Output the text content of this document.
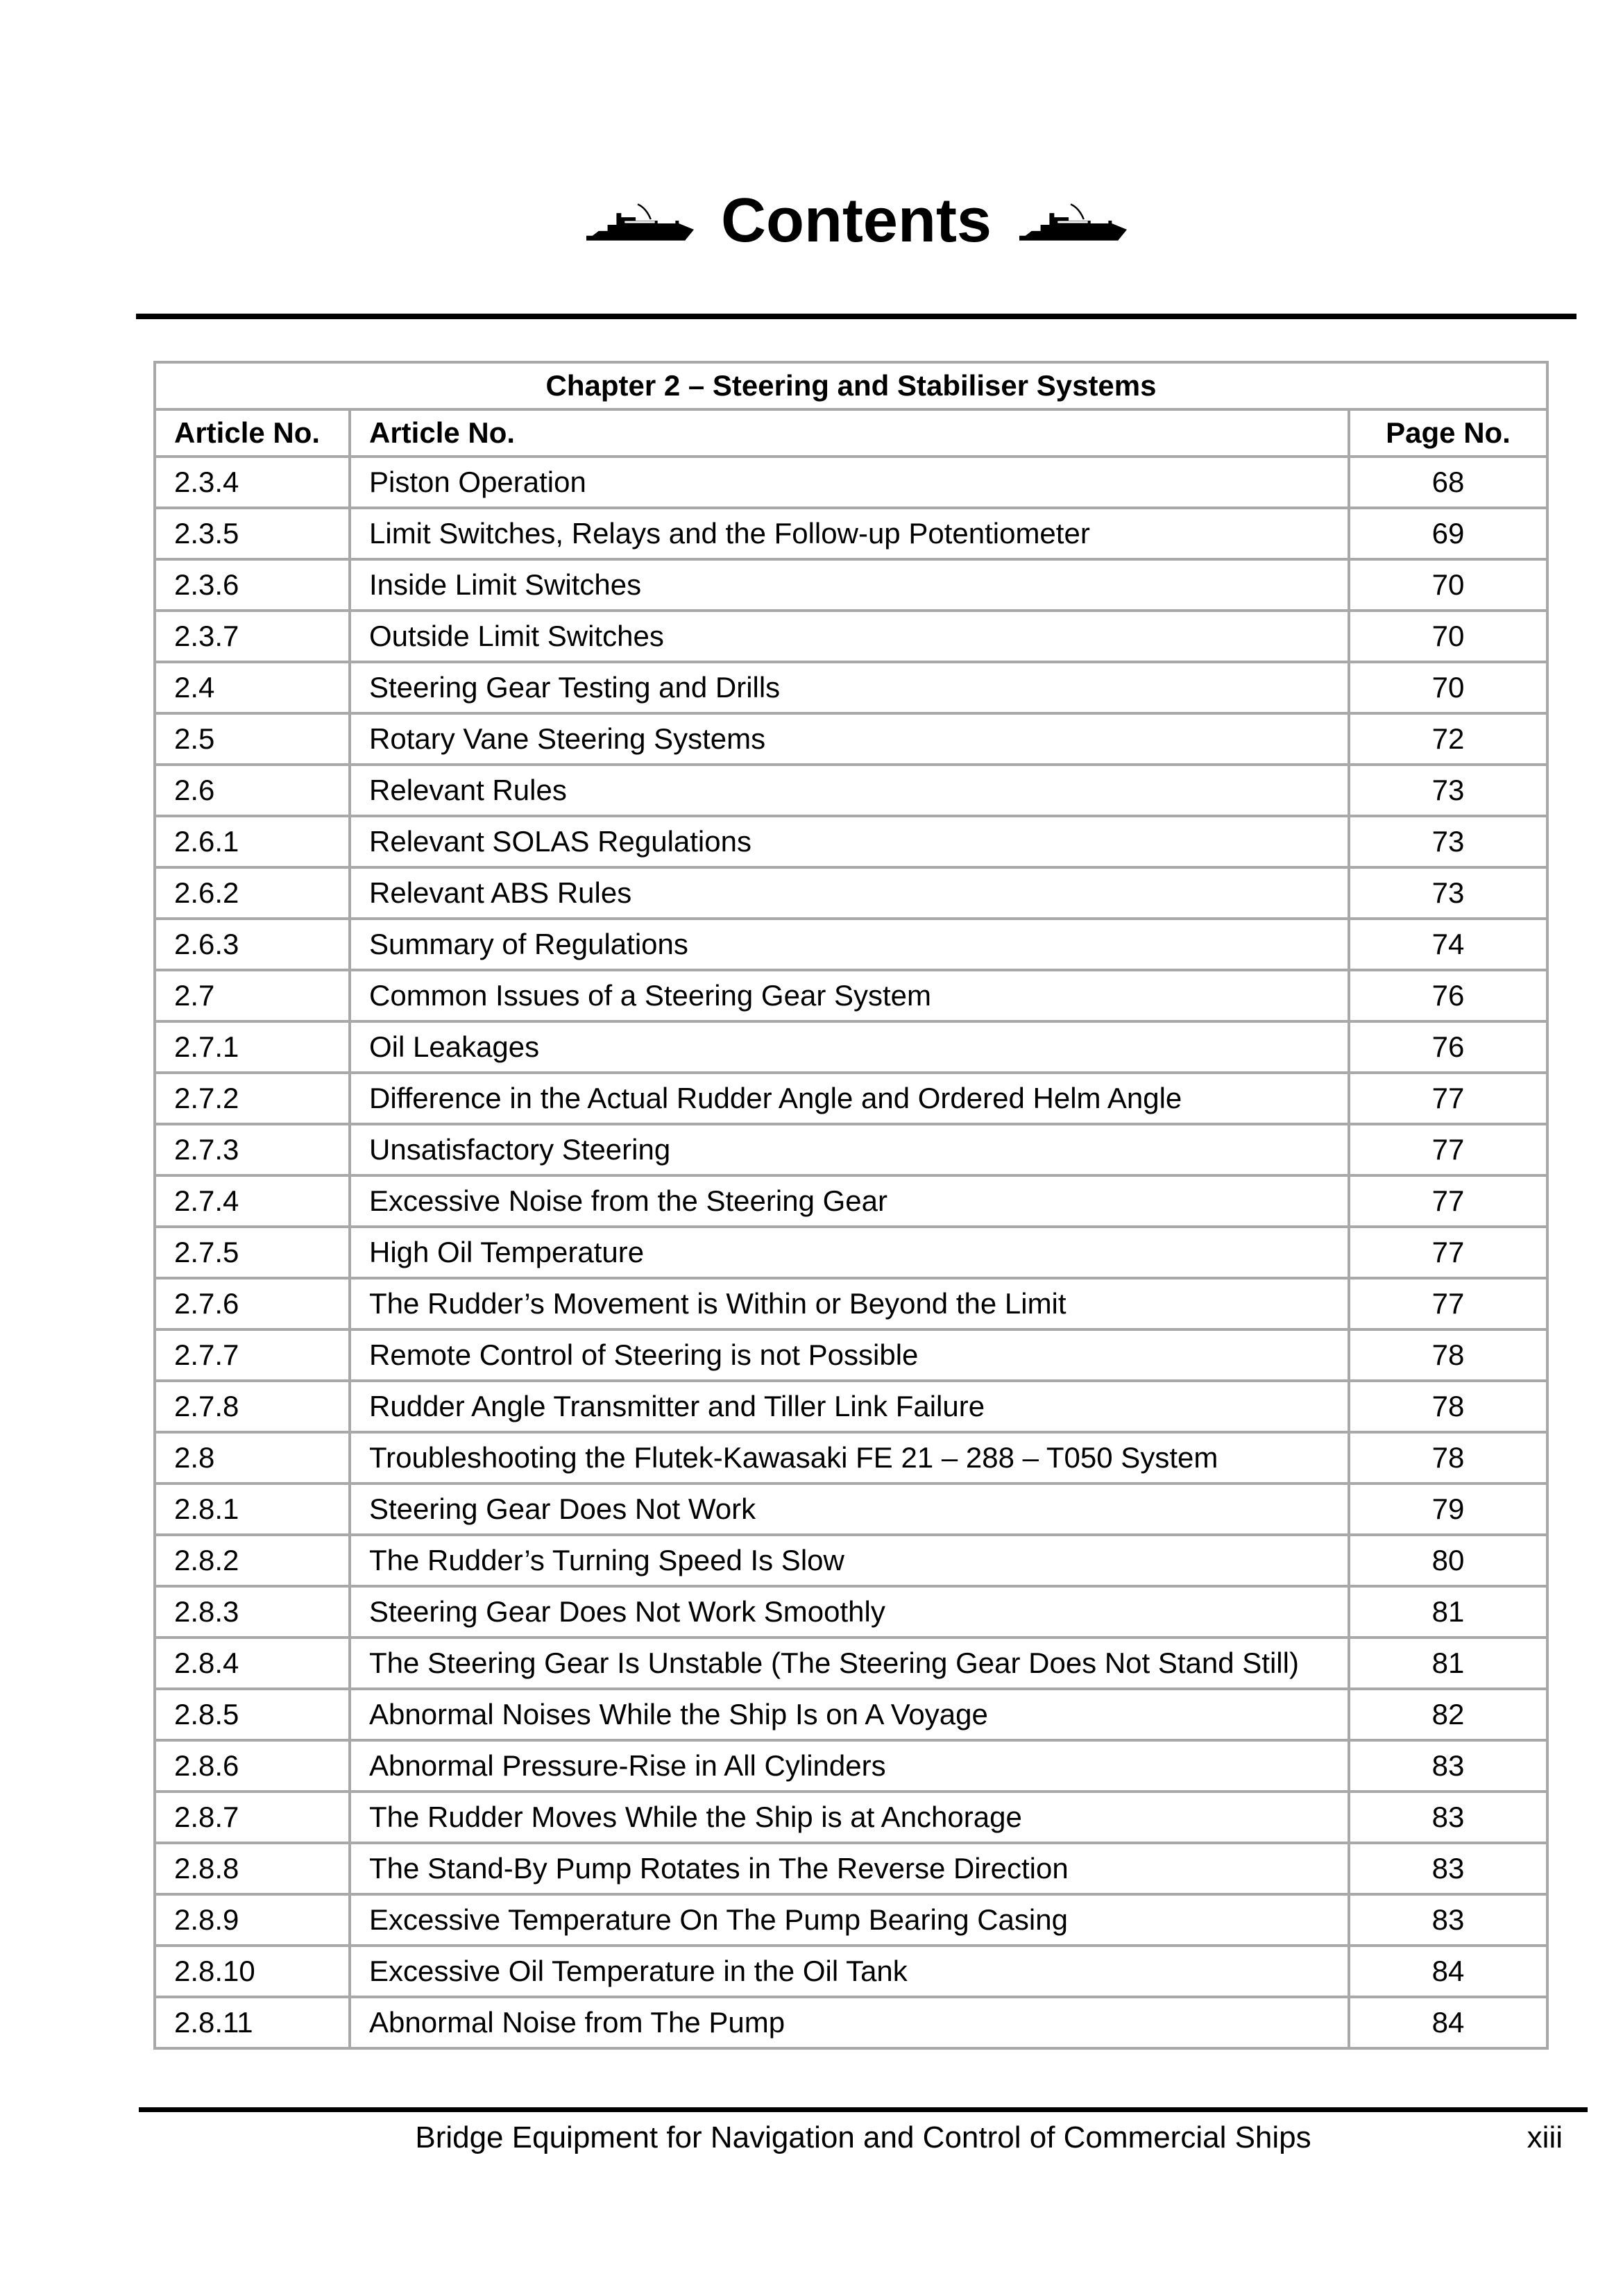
Contents
Chapter 2 – Steering and Stabiliser Systems		
Article No.	Article No.	Page No.
2.3.4	Piston Operation	68
2.3.5	Limit Switches, Relays and the Follow-up Potentiometer	69
2.3.6	Inside Limit Switches	70
2.3.7	Outside Limit Switches	70
2.4	Steering Gear Testing and Drills	70
2.5	Rotary Vane Steering Systems	72
2.6	Relevant Rules	73
2.6.1	Relevant SOLAS Regulations	73
2.6.2	Relevant ABS Rules	73
2.6.3	Summary of Regulations	74
2.7	Common Issues of a Steering Gear System	76
2.7.1	Oil Leakages	76
2.7.2	Difference in the Actual Rudder Angle and Ordered Helm Angle	77
2.7.3	Unsatisfactory Steering	77
2.7.4	Excessive Noise from the Steering Gear	77
2.7.5	High Oil Temperature	77
2.7.6	The Rudder’s Movement is Within or Beyond the Limit	77
2.7.7	Remote Control of Steering is not Possible	78
2.7.8	Rudder Angle Transmitter and Tiller Link Failure	78
2.8	Troubleshooting the Flutek-Kawasaki FE 21 – 288 – T050 System	78
2.8.1	Steering Gear Does Not Work	79
2.8.2	The Rudder’s Turning Speed Is Slow	80
2.8.3	Steering Gear Does Not Work Smoothly	81
2.8.4	The Steering Gear Is Unstable (The Steering Gear Does Not Stand Still)	81
2.8.5	Abnormal Noises While the Ship Is on A Voyage	82
2.8.6	Abnormal Pressure-Rise in All Cylinders	83
2.8.7	The Rudder Moves While the Ship is at Anchorage	83
2.8.8	The Stand-By Pump Rotates in The Reverse Direction	83
2.8.9	Excessive Temperature On The Pump Bearing Casing	83
2.8.10	Excessive Oil Temperature in the Oil Tank	84
2.8.11	Abnormal Noise from The Pump	84
Bridge Equipment for Navigation and Control of Commercial Ships	xiii
